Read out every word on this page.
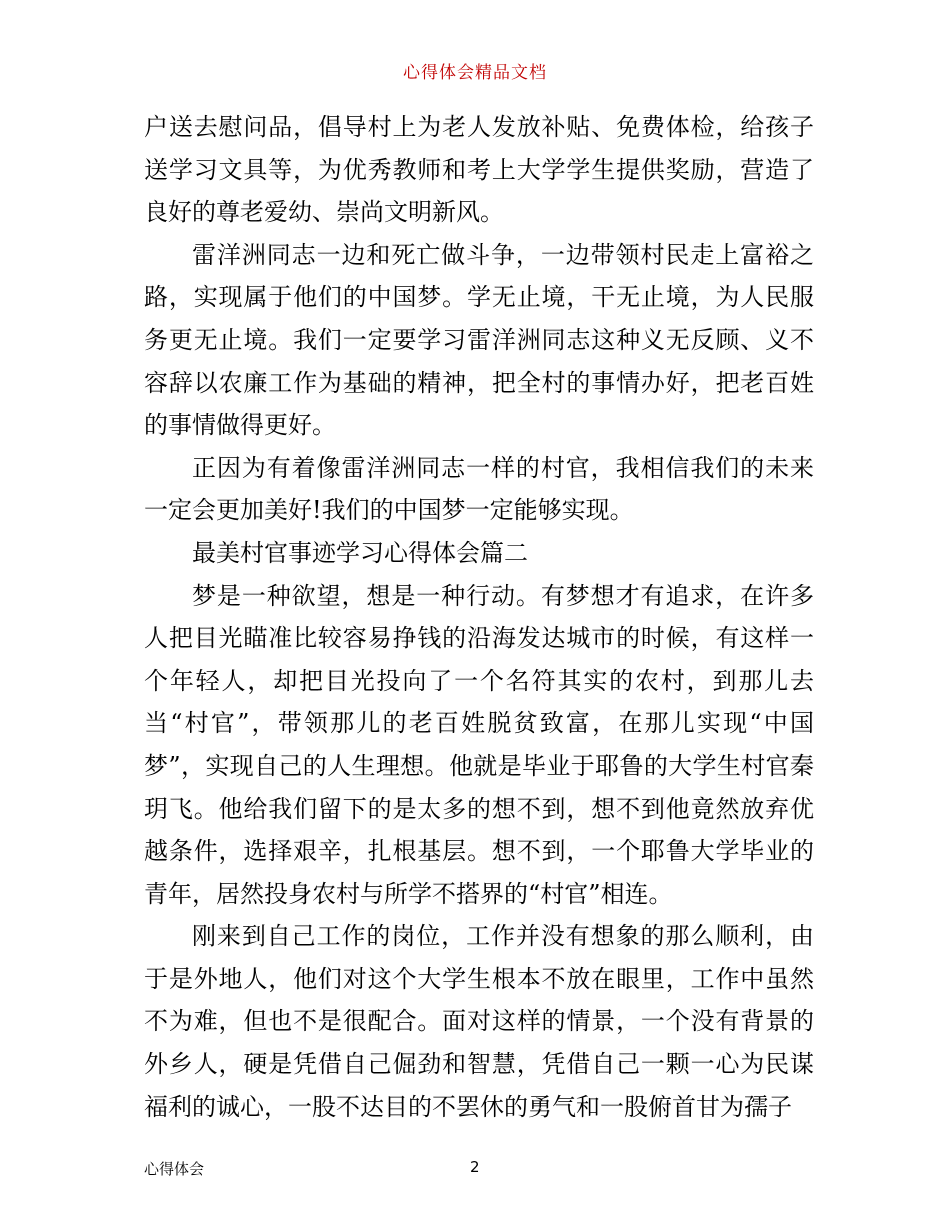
心得体会精品文档

户送去慰问品，倡导村上为老人发放补贴、免费体检，给孩子送学习文具等，为优秀教师和考上大学学生提供奖励，营造了良好的尊老爱幼、崇尚文明新风。

雷洋洲同志一边和死亡做斗争，一边带领村民走上富裕之路，实现属于他们的中国梦。学无止境，干无止境，为人民服务更无止境。我们一定要学习雷洋洲同志这种义无反顾、义不容辞以农廉工作为基础的精神，把全村的事情办好，把老百姓的事情做得更好。

正因为有着像雷洋洲同志一样的村官，我相信我们的未来一定会更加美好!我们的中国梦一定能够实现。

最美村官事迹学习心得体会篇二

梦是一种欲望，想是一种行动。有梦想才有追求，在许多人把目光瞄准比较容易挣钱的沿海发达城市的时候，有这样一个年轻人，却把目光投向了一个名符其实的农村，到那儿去当“村官”，带领那儿的老百姓脱贫致富，在那儿实现“中国梦”，实现自己的人生理想。他就是毕业于耶鲁的大学生村官秦玥飞。他给我们留下的是太多的想不到，想不到他竟然放弃优越条件，选择艰辛，扎根基层。想不到，一个耶鲁大学毕业的青年，居然投身农村与所学不搭界的“村官”相连。

刚来到自己工作的岗位，工作并没有想象的那么顺利，由于是外地人，他们对这个大学生根本不放在眼里，工作中虽然不为难，但也不是很配合。面对这样的情景，一个没有背景的外乡人，硬是凭借自己倔劲和智慧，凭借自己一颗一心为民谋福利的诚心，一股不达目的不罢休的勇气和一股俯首甘为孺子

心得体会	2
